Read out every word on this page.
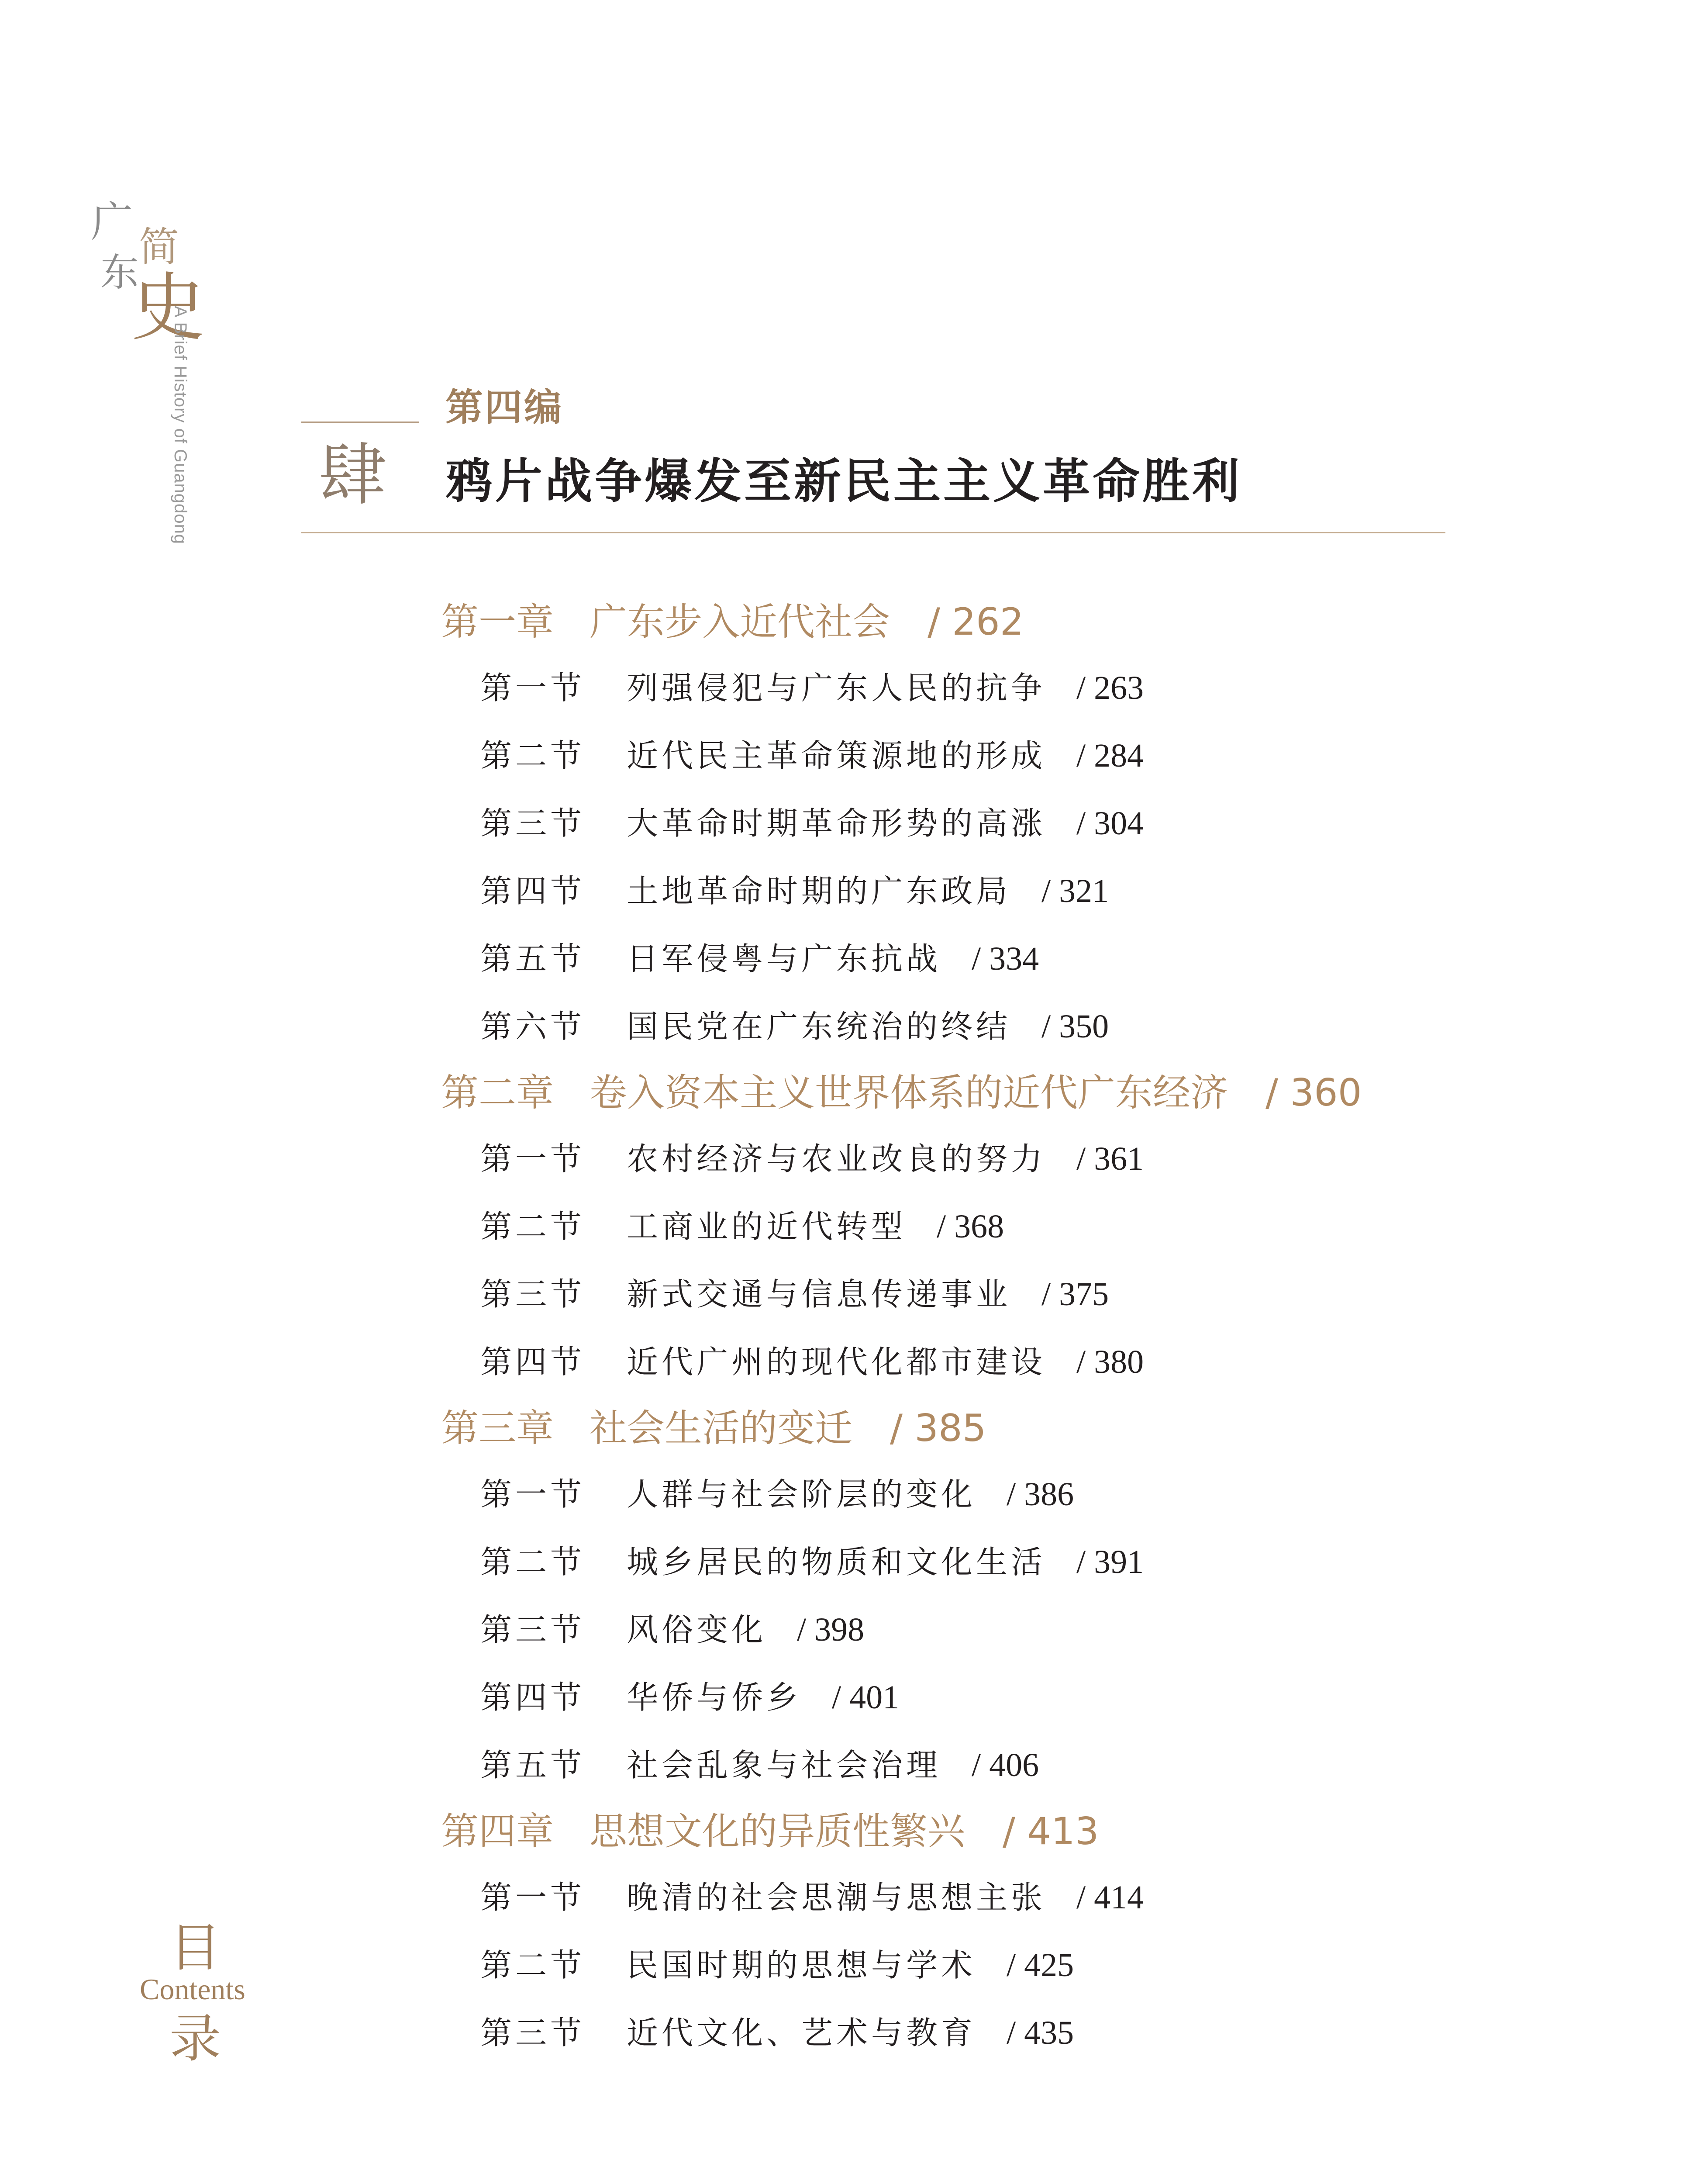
广
东
简
史
A Brief History of Guangdong 肆
第四编
鸦片战争爆发至新民主主义革命胜利
第一章 广东步入近代社会 / 262
第一节 列强侵犯与广东人民的抗争 / 263
第二节 近代民主革命策源地的形成 / 284
第三节 大革命时期革命形势的高涨 / 304
第四节 土地革命时期的广东政局 / 321
第五节 日军侵粤与广东抗战 / 334
第六节 国民党在广东统治的终结 / 350
第二章 卷入资本主义世界体系的近代广东经济 / 360
第一节 农村经济与农业改良的努力 / 361
第二节 工商业的近代转型 / 368
第三节 新式交通与信息传递事业 / 375
第四节 近代广州的现代化都市建设 / 380
第三章 社会生活的变迁 / 385
第一节 人群与社会阶层的变化 / 386
第二节 城乡居民的物质和文化生活 / 391
第三节 风俗变化 / 398
第四节 华侨与侨乡 / 401
第五节 社会乱象与社会治理 / 406
第四章 思想文化的异质性繁兴 / 413
第一节 晚清的社会思潮与思想主张 / 414
第二节 民国时期的思想与学术 / 425
第三节 近代文化、艺术与教育 / 435
目
Contents
录
